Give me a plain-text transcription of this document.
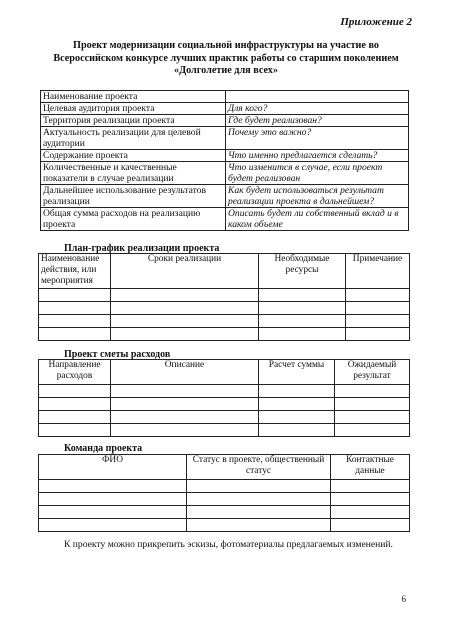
Приложение 2
Проект модернизации социальной инфраструктуры на участие во
Всероссийском конкурсе лучших практик работы со старшим поколением
«Долголетие для всех»
Наименование проекта	
Целевая аудитория проекта	Для кого?
Территория реализации проекта	Где будет реализован?
Актуальность реализации для целевой аудитории	Почему это важно?
Содержание проекта	Что именно предлагается сделать?
Количественные и качественные показатели в случае реализации	Что изменится в случае, если проект будет реализован
Дальнейшее использование результатов реализации	Как будет использоваться результат реализации проекта в дальнейшем?
Общая сумма расходов на реализацию проекта	Описать будет ли собственный вклад и в каком объеме
План-график реализации проекта
Наименование действия, или мероприятия	Сроки реализации	Необходимые ресурсы	Примечание

Проект сметы расходов
Направление расходов	Описание	Расчет суммы	Ожидаемый результат

Команда проекта
ФИО	Статус в проекте, общественный статус	Контактные данные

К проекту можно прикрепить эскизы, фотоматериалы предлагаемых изменений.
6
